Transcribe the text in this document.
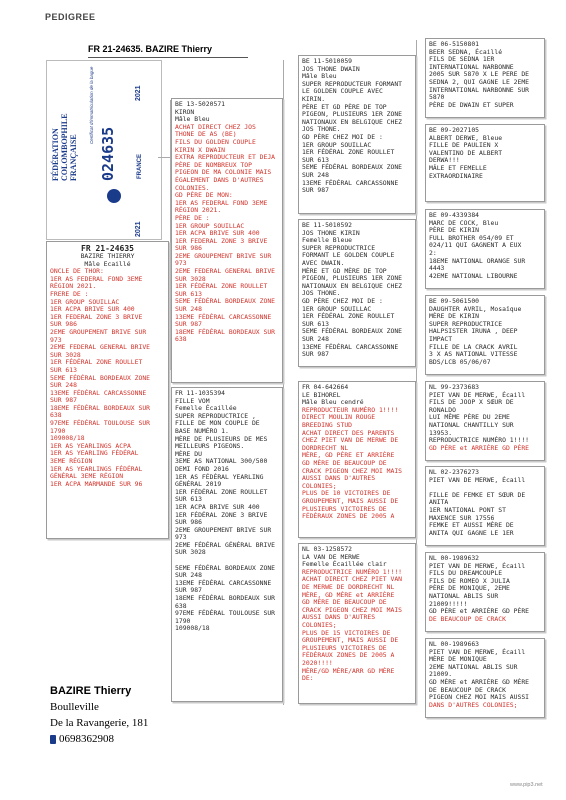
PEDIGREE
FR 21-24635. BAZIRE Thierry
FÉDÉRATION COLOMBOPHILE FRANÇAISE
Certificat d'immatriculation de la bague
024635
2021
FRANCE
2021
FR 21-24635
BAZIRE THIERRY
Mâle Ecaillé
ONCLE DE THOR:
1ER AS FEDERAL FOND 3EME
RÉGION 2021.
FRERE DE :
1ER GROUP SOUILLAC
1ER ACPA BRIVE SUR 400
1ER FEDERAL ZONE 3 BRIVE
SUR 986
2EME GROUPEMENT BRIVE SUR
973
2EME FEDERAL GENERAL BRIVE
SUR 3028
1ER FÉDÉRAL ZONE ROULLET
SUR 613
5EME FÉDÉRAL BORDEAUX ZONE
SUR 248
13EME FÉDÉRAL CARCASSONNE
SUR 987
18EME FÉDÉRAL BORDEAUX SUR
638
97EME FÉDÉRAL TOULOUSE SUR
1790
109008/18
1ER AS YEARLINGS ACPA
1ER AS YEARLING FÉDÉRAL
3EME RÉGION
1ER AS YEARLINGS FÉDÉRAL
GÉNÉRAL 3EME RÉGION
1ER ACPA MARMANDE SUR 96
BE 13-5020571
KIRON
Mâle Bleu
ACHAT DIRECT CHEZ JOS
THONE DE AS (BE)
FILS DU GOLDEN COUPLE
KIRIN X DWAIN
EXTRA REPRODUCTEUR ET DEJA
PÈRE DE NOMBREUX TOP
PIGEON DE MA COLONIE MAIS
ÉGALEMENT DANS D'AUTRES
COLONIES.
GD PÈRE DE MON:
1ER AS FEDERAL FOND 3EME
RÉGION 2021.
PÈRE DE :
1ER GROUP SOUILLAC
1ER ACPA BRIVE SUR 400
1ER FEDERAL ZONE 3 BRIVE
SUR 986
2EME GROUPEMENT BRIVE SUR
973
2EME FEDERAL GENERAL BRIVE
SUR 3028
1ER FÉDÉRAL ZONE ROULLET
SUR 613
5EME FÉDÉRAL BORDEAUX ZONE
SUR 248
13EME FÉDÉRAL CARCASSONNE
SUR 987
18EME FÉDÉRAL BORDEAUX SUR
638
FR 11-1035394
FILLE VOM
Femelle Écaillée
SUPER REPRODUCTRICE ,
FILLE DE MON COUPLE DE
BASE NUMÉRO 1.
MÈRE DE PLUSIEURS DE MES
MEILLEURS PIGEONS.
MÈRE DU
3EME AS NATIONAL 300/500
DEMI FOND 2016
1ER AS FÉDÉRAL YEARLING
GÉNÉRAL 2019
1ER FÉDÉRAL ZONE ROULLET
SUR 613
1ER ACPA BRIVE SUR 400
1ER FÉDÉRAL ZONE 3 BRIVE
SUR 986
2EME GROUPEMENT BRIVE SUR
973
2EME FÉDÉRAL GÉNÉRAL BRIVE
SUR 3028

5EME FÉDÉRAL BORDEAUX ZONE
SUR 248
13EME FÉDÉRAL CARCASSONNE
SUR 987
18EME FÉDÉRAL BORDEAUX SUR
638
97EME FÉDÉRAL TOULOUSE SUR
1790
109008/18
BE 11-5010059
JOS THONE DWAIN
Mâle Bleu
SUPER REPRODUCTEUR FORMANT
LE GOLDEN COUPLE AVEC
KIRIN.
PÈRE ET GD PÈRE DE TOP
PIGEON, PLUSIEURS 1ER ZONE
NATIONAUX EN BELGIQUE CHEZ
JOS THONE.
GD PÈRE CHEZ MOI DE :
1ER GROUP SOUILLAC
1ER FÉDÉRAL ZONE ROULLET
SUR 613
5EME FÉDÉRAL BORDEAUX ZONE
SUR 248
13EME FÉDÉRAL CARCASSONNE
SUR 987
BE 11-5010592
JOS THONE KIRIN
Femelle Bleue
SUPER REPRODUCTRICE
FORMANT LE GOLDEN COUPLE
AVEC DWAIN.
MÈRE ET GD MÈRE DE TOP
PIGEON, PLUSIEURS 1ER ZONE
NATIONAUX EN BELGIQUE CHEZ
JOS THONE.
GD PÈRE CHEZ MOI DE :
1ER GROUP SOUILLAC
1ER FÉDÉRAL ZONE ROULLET
SUR 613
5EME FÉDÉRAL BORDEAUX ZONE
SUR 248
13EME FÉDÉRAL CARCASSONNE
SUR 987
FR 04-642664
LE BIHOREL
Mâle Bleu cendré
REPRODUCTEUR NUMÉRO 1!!!!
DIRECT MOULIN ROUGE
BREEDING STUD
ACHAT DIRECT DES PARENTS
CHEZ PIET VAN DE MERWE DE
DORDRECHT NL
MÈRE, GD PÈRE ET ARRIÈRE
GD MÈRE DE BEAUCOUP DE
CRACK PIGEON CHEZ MOI MAIS
AUSSI DANS D'AUTRES
COLONIES;
PLUS DE 10 VICTOIRES DE
GROUPEMENT, MAIS AUSSI DE
PLUSIEURS VICTOIRES DE
FÉDÉRAUX ZONES DE 2005 A
NL 03-1258572
LA VAN DE MERWE
Femelle Écaillée clair
REPRODUCTRICE NUMÉRO 1!!!!
ACHAT DIRECT CHEZ PIET VAN
DE MERWE DE DORDRECHT NL
MÈRE, GD MÈRE et ARRIÈRE
GD MÈRE DE BEAUCOUP DE
CRACK PIGEON CHEZ MOI MAIS
AUSSI DANS D'AUTRES
COLONIES;
PLUS DE 15 VICTOIRES DE
GROUPEMENT, MAIS AUSSI DE
PLUSIEURS VICTOIRES DE
FÉDÉRAUX ZONES DE 2005 A
2020!!!!
MÈRE/GD MÈRE/ARR GD MÈRE
DE:
BE 06-5150801
BEER SEDNA, Écaillé
FILS DE SEDNA 1ER
INTERNATIONAL NARBONNE
2005 SUR 5870 X LE PERE DE
SEDNA 2, QUI GAGNE LE 2EME
INTERNATIONAL NARBONNE SUR
5870
PÈRE DE DWAIN ET SUPER
BE 09-2027105
ALBERT DERWE, Bleue
FILLE DE PAULIEN X
VALENTINO DE ALBERT
DERWA!!!
MÂLE ET FEMELLE
EXTRAORDINAIRE
BE 09-4339384
MARC DE COCK, Bleu
PÈRE DE KIRIN
FULL BROTHER 054/09 ET
024/11 QUI GAGNENT A EUX
2:
18EME NATIONAL ORANGE SUR
4443
42EME NATIONAL LIBOURNE
BE 09-5061500
DAUGHTER AVRIL, Mosaïque
MÈRE DE KIRIN
SUPER REPRODUCTRICE
HALPSISTER IRUNA , DEEP
IMPACT
FILLE DE LA CRACK AVRIL
3 X AS NATIONAL VITESSE
BDS/LCB 05/06/07
NL 99-2373683
PIET VAN DE MERWE, Écaill
FILS DE JOOP X SŒUR DE
RONALDO
LUI MÊME PÈRE DU 2EME
NATIONAL CHANTILLY SUR
13953.
REPRODUCTRICE NUMÉRO 1!!!!
GD PÈRE et ARRIÈRE GD PÈRE
NL 02-2376273
PIET VAN DE MERWE, Écaill

FILLE DE FEMKE ET SŒUR DE
ANITA
1ER NATIONAL PONT ST
MAXENCE SUR 17556
FEMKE ET AUSSI MÈRE DE
ANITA QUI GAGNE LE 1ER
NL 00-1989632
PIET VAN DE MERWE, Écaill
FILS DU DREAMCOUPLE
FILS DE ROMEO X JULIA
PÈRE DE MONIQUE, 2EME
NATIONAL ABLIS SUR
21009!!!!!
GD PÈRE et ARRIÈRE GD PÈRE
DE BEAUCOUP DE CRACK
NL 00-1989663
PIET VAN DE MERWE, Écaill
MÈRE DE MONIQUE
2EME NATIONAL ABLIS SUR
21009.
GD MÈRE et ARRIÈRE GD MÈRE
DE BEAUCOUP DE CRACK
PIGEON CHEZ MOI MAIS AUSSI
DANS D'AUTRES COLONIES;
BAZIRE Thierry
Boulleville
De la Ravangerie, 181
0698362908
www.pip3.net
